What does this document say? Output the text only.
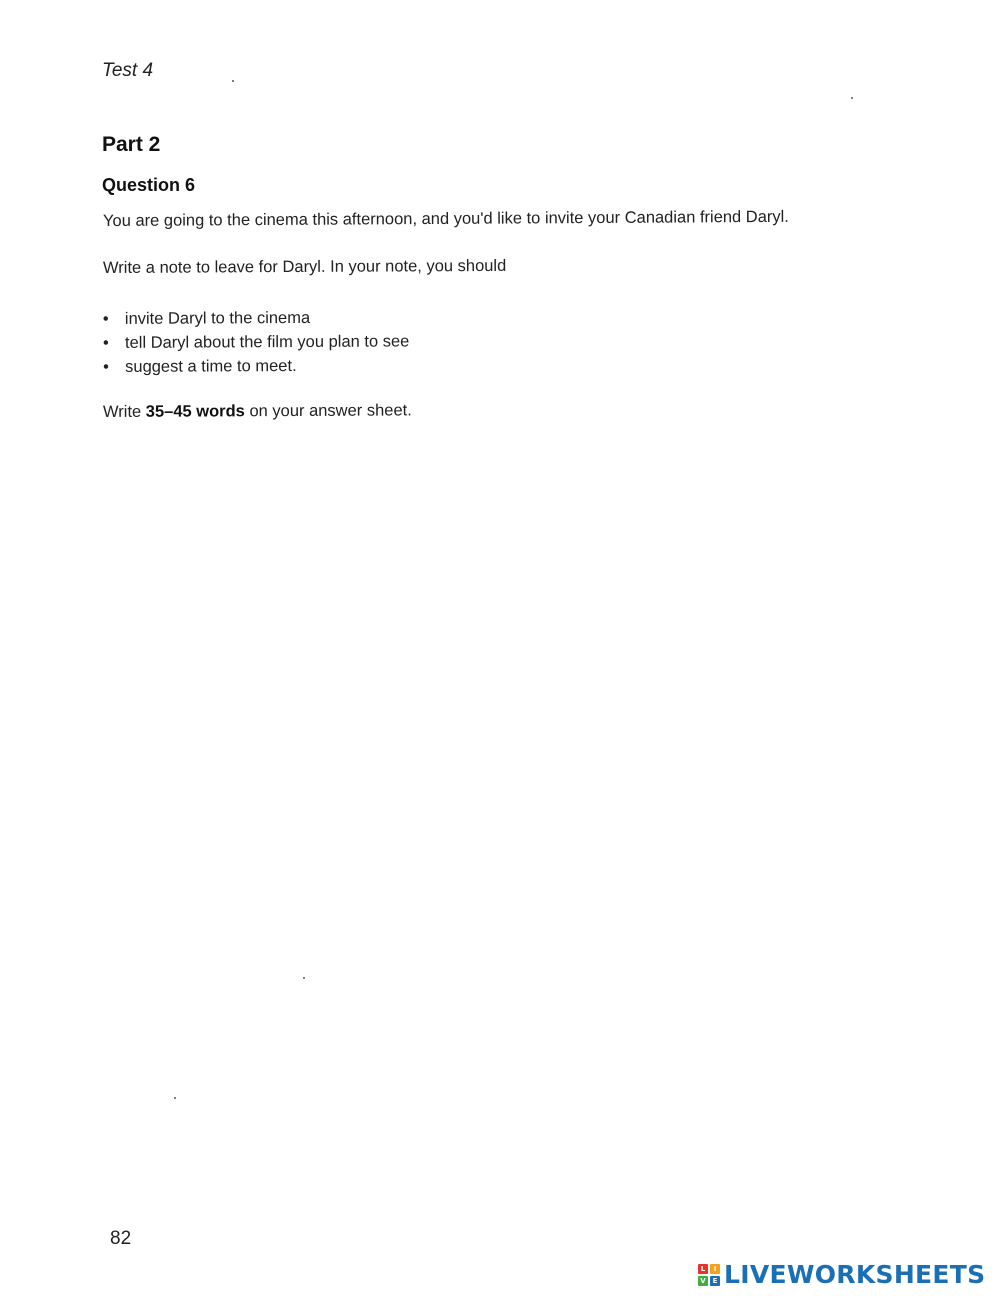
Test 4
Part 2
Question 6
You are going to the cinema this afternoon, and you'd like to invite your Canadian friend Daryl.
Write a note to leave for Daryl. In your note, you should
• invite Daryl to the cinema
• tell Daryl about the film you plan to see
• suggest a time to meet.
Write 35–45 words on your answer sheet.
82
L	I
V E LIVEWORKSHEETS
